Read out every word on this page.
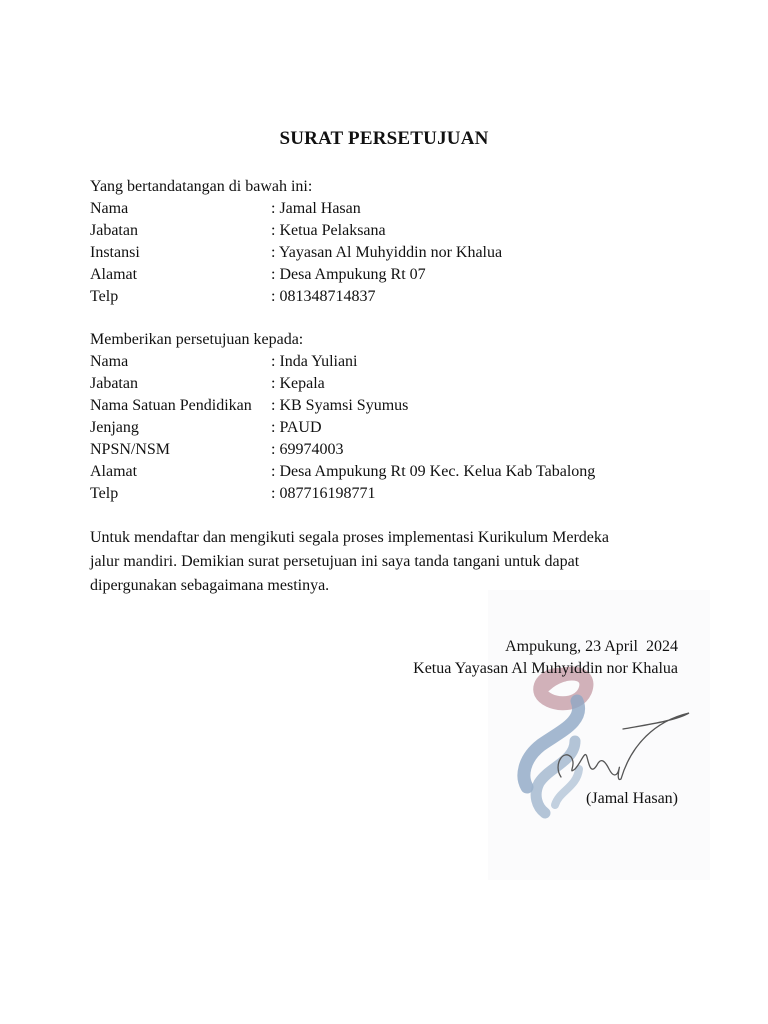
SURAT PERSETUJUAN
Yang bertandatangan di bawah ini:
Nama	: Jamal Hasan
Jabatan	: Ketua Pelaksana
Instansi	: Yayasan Al Muhyiddin nor Khalua
Alamat	: Desa Ampukung Rt 07
Telp	: 081348714837
Memberikan persetujuan kepada:
Nama	: Inda Yuliani
Jabatan	: Kepala
Nama Satuan Pendidikan	: KB Syamsi Syumus
Jenjang	: PAUD
NPSN/NSM	: 69974003
Alamat	: Desa Ampukung Rt 09 Kec. Kelua Kab Tabalong
Telp	: 087716198771
Untuk mendaftar dan mengikuti segala proses implementasi Kurikulum Merdeka
jalur mandiri. Demikian surat persetujuan ini saya tanda tangani untuk dapat
dipergunakan sebagaimana mestinya.
Ampukung, 23 April  2024
Ketua Yayasan Al Muhyiddin nor Khalua
(Jamal Hasan)
